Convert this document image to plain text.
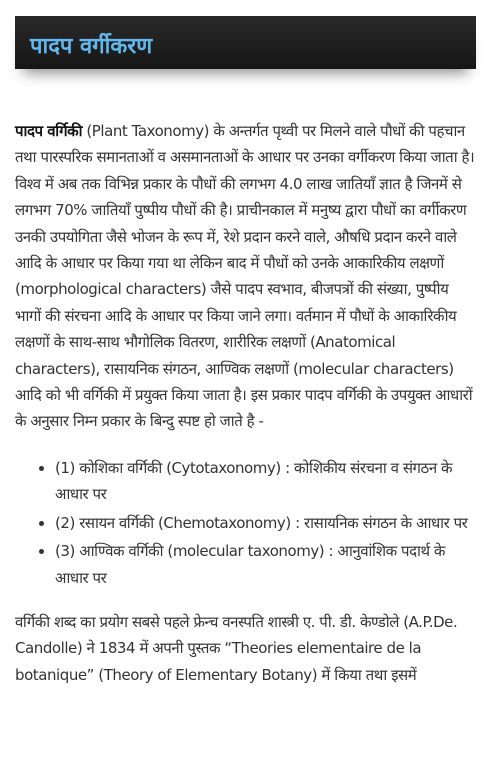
पादप वर्गीकरण

पादप वर्गिकी (Plant Taxonomy) के अन्तर्गत पृथ्वी पर मिलने वाले पौधों की पहचान तथा पारस्परिक समानताओं व असमानताओं के आधार पर उनका वर्गीकरण किया जाता है। विश्व में अब तक विभिन्न प्रकार के पौधों की लगभग 4.0 लाख जातियाँ ज्ञात है जिनमें से लगभग 70% जातियाँ पुष्पीय पौधों की है। प्राचीनकाल में मनुष्य द्वारा पौधों का वर्गीकरण उनकी उपयोगिता जैसे भोजन के रूप में, रेशे प्रदान करने वाले, औषधि प्रदान करने वाले आदि के आधार पर किया गया था लेकिन बाद में पौधों को उनके आकारिकीय लक्षणों (morphological characters) जैसे पादप स्वभाव, बीजपत्रों की संख्या, पुष्पीय भागों की संरचना आदि के आधार पर किया जाने लगा। वर्तमान में पौधों के आकारिकीय लक्षणों के साथ-साथ भौगोलिक वितरण, शारीरिक लक्षणों (Anatomical characters), रासायनिक संगठन, आण्विक लक्षणों (molecular characters) आदि को भी वर्गिकी में प्रयुक्त किया जाता है। इस प्रकार पादप वर्गिकी के उपयुक्त आधारों के अनुसार निम्न प्रकार के बिन्दु स्पष्ट हो जाते है -

• (1) कोशिका वर्गिकी (Cytotaxonomy) : कोशिकीय संरचना व संगठन के आधार पर
• (2) रसायन वर्गिकी (Chemotaxonomy) : रासायनिक संगठन के आधार पर
• (3) आण्विक वर्गिकी (molecular taxonomy) : आनुवांशिक पदार्थ के आधार पर

वर्गिकी शब्द का प्रयोग सबसे पहले फ्रेन्च वनस्पति शास्त्री ए. पी. डी. केण्डोले (A.P.De. Candolle) ने 1834 में अपनी पुस्तक “Theories elementaire de la botanique” (Theory of Elementary Botany) में किया तथा इसमें
